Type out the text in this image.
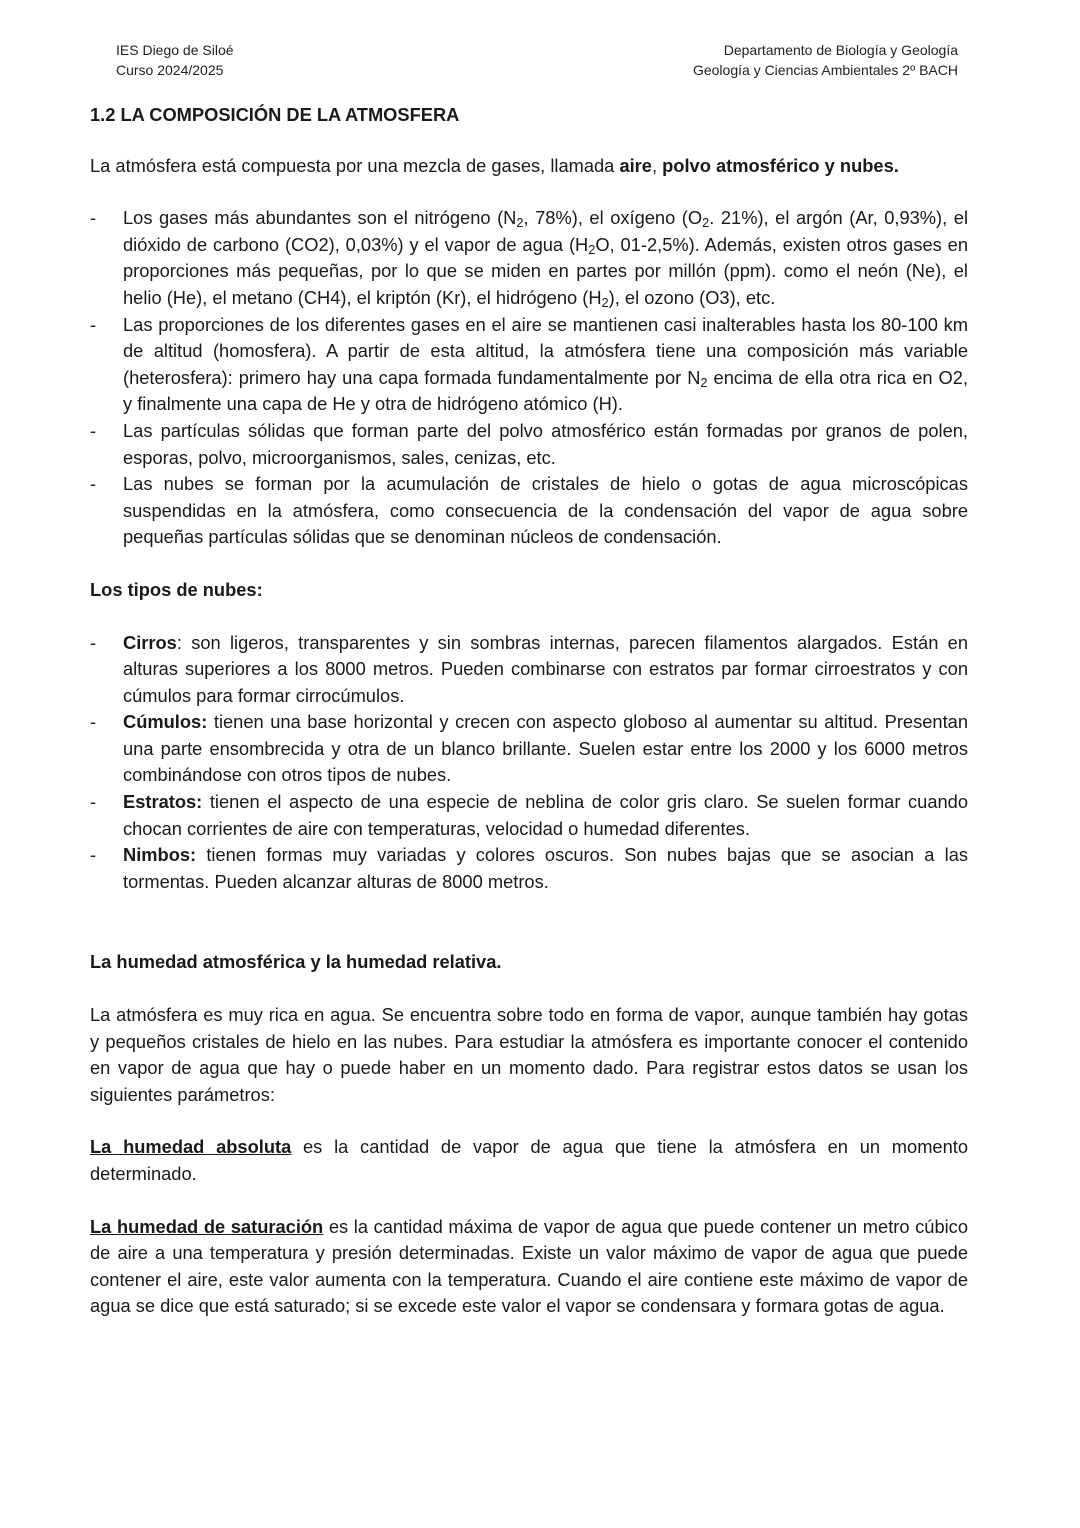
IES Diego de Siloé
Curso 2024/2025
Departamento de Biología y Geología
Geología y Ciencias Ambientales 2º BACH
1.2 LA COMPOSICIÓN DE LA ATMOSFERA

La atmósfera está compuesta por una mezcla de gases, llamada aire, polvo atmosférico y nubes.

- Los gases más abundantes son el nitrógeno ($N_2$, 78%), el oxígeno ($O_2$. 21%), el argón (Ar, 0,93%), el dióxido de carbono (CO2), 0,03%) y el vapor de agua ($H_2O$, 01-2,5%). Además, existen otros gases en proporciones más pequeñas, por lo que se miden en partes por millón (ppm). como el neón (Ne), el helio (He), el metano (CH4), el kriptón (Kr), el hidrógeno $(H_2)$, el ozono (O3), etc.
- Las proporciones de los diferentes gases en el aire se mantienen casi inalterables hasta los 80-100 km de altitud (homosfera). A partir de esta altitud, la atmósfera tiene una composición más variable (heterosfera): primero hay una capa formada fundamentalmente por $N_2$ encima de ella otra rica en O2, y finalmente una capa de He y otra de hidrógeno atómico (H).
- Las partículas sólidas que forman parte del polvo atmosférico están formadas por granos de polen, esporas, polvo, microorganismos, sales, cenizas, etc.
- Las nubes se forman por la acumulación de cristales de hielo o gotas de agua microscópicas suspendidas en la atmósfera, como consecuencia de la condensación del vapor de agua sobre pequeñas partículas sólidas que se denominan núcleos de condensación.
Los tipos de nubes:
- Cirros: son ligeros, transparentes y sin sombras internas, parecen filamentos alargados. Están en alturas superiores a los 8000 metros. Pueden combinarse con estratos par formar cirroestratos y con cúmulos para formar cirrocúmulos.
- Cúmulos: tienen una base horizontal y crecen con aspecto globoso al aumentar su altitud. Presentan una parte ensombrecida y otra de un blanco brillante. Suelen estar entre los 2000 y los 6000 metros combinándose con otros tipos de nubes.
- Estratos: tienen el aspecto de una especie de neblina de color gris claro. Se suelen formar cuando chocan corrientes de aire con temperaturas, velocidad o humedad diferentes.
- Nimbos: tienen formas muy variadas y colores oscuros. Son nubes bajas que se asocian a las tormentas. Pueden alcanzar alturas de 8000 metros.
La humedad atmosférica y la humedad relativa.

La atmósfera es muy rica en agua. Se encuentra sobre todo en forma de vapor, aunque también hay gotas y pequeños cristales de hielo en las nubes. Para estudiar la atmósfera es importante conocer el contenido en vapor de agua que hay o puede haber en un momento dado. Para registrar estos datos se usan los siguientes parámetros:

La humedad absoluta es la cantidad de vapor de agua que tiene la atmósfera en un momento determinado.

La humedad de saturación es la cantidad máxima de vapor de agua que puede contener un metro cúbico de aire a una temperatura y presión determinadas. Existe un valor máximo de vapor de agua que puede contener el aire, este valor aumenta con la temperatura. Cuando el aire contiene este máximo de vapor de agua se dice que está saturado; si se excede este valor el vapor se condensara y formara gotas de agua.
